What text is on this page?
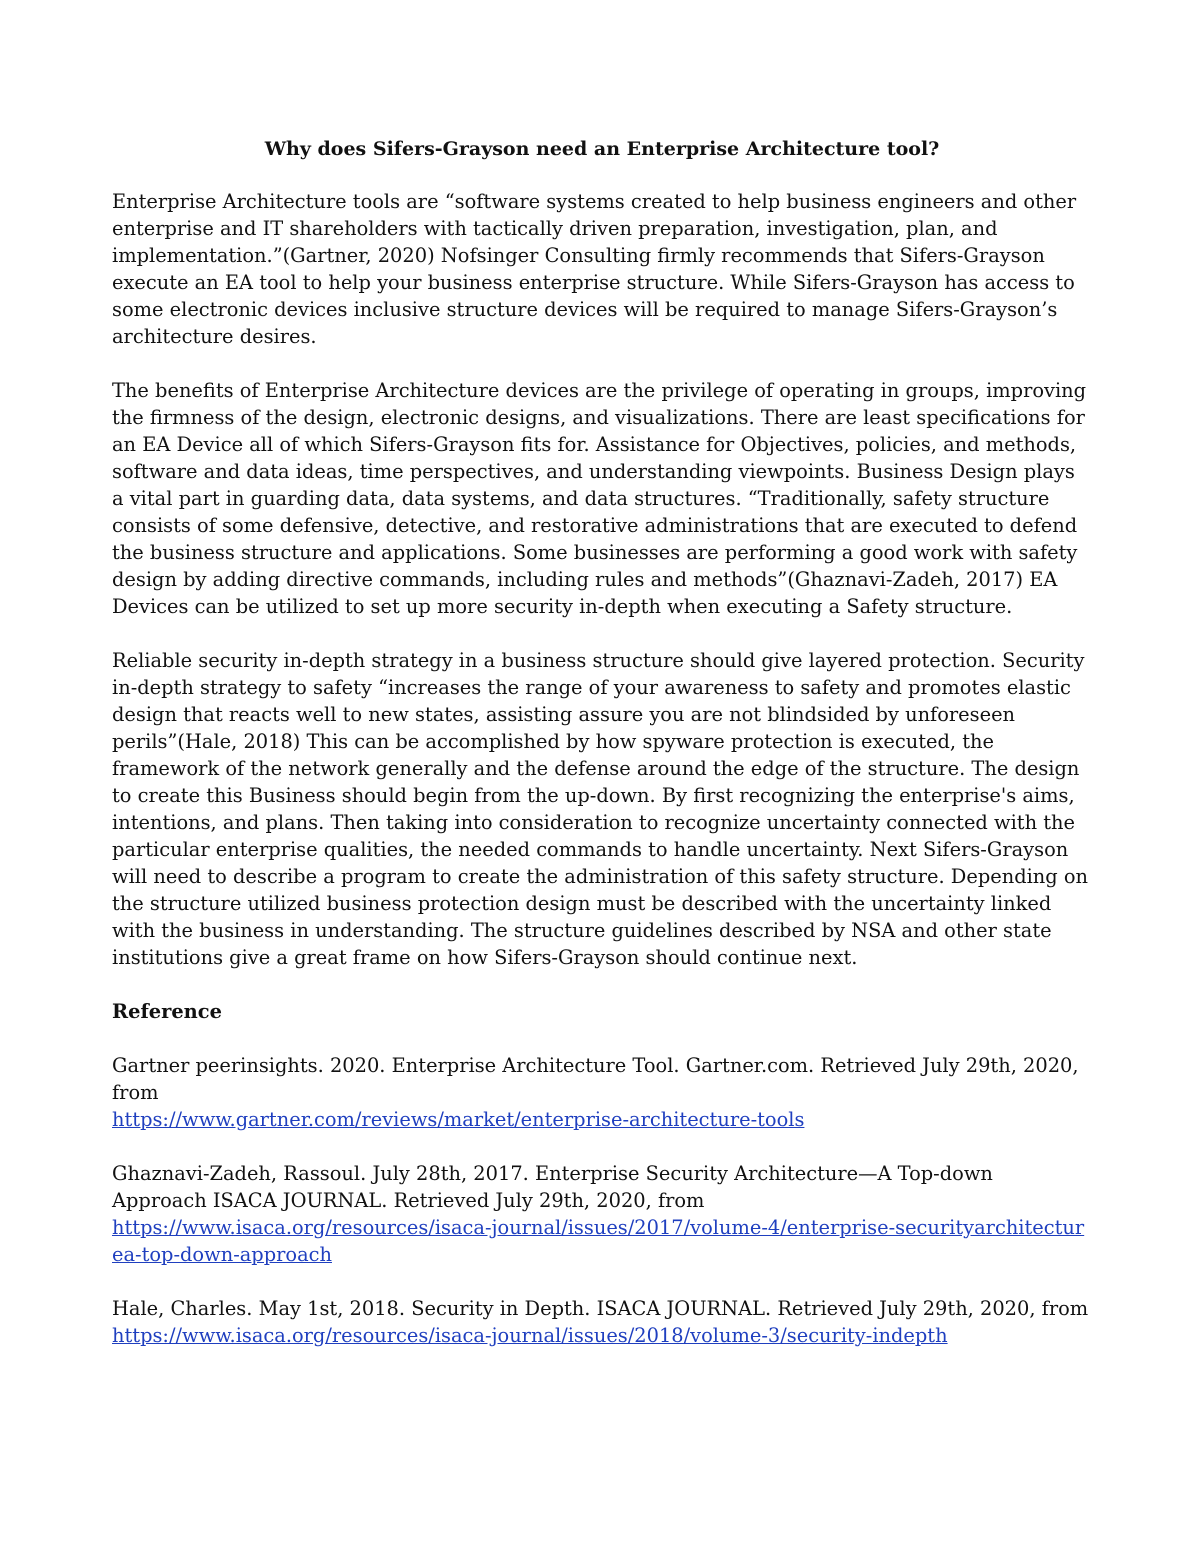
Why does Sifers-Grayson need an Enterprise Architecture tool?

Enterprise Architecture tools are “software systems created to help business engineers and other enterprise and IT shareholders with tactically driven preparation, investigation, plan, and implementation.”(Gartner, 2020) Nofsinger Consulting firmly recommends that Sifers-Grayson execute an EA tool to help your business enterprise structure. While Sifers-Grayson has access to some electronic devices inclusive structure devices will be required to manage Sifers-Grayson’s architecture desires.

The benefits of Enterprise Architecture devices are the privilege of operating in groups, improving the firmness of the design, electronic designs, and visualizations. There are least specifications for an EA Device all of which Sifers-Grayson fits for. Assistance for Objectives, policies, and methods, software and data ideas, time perspectives, and understanding viewpoints. Business Design plays a vital part in guarding data, data systems, and data structures. “Traditionally, safety structure consists of some defensive, detective, and restorative administrations that are executed to defend the business structure and applications. Some businesses are performing a good work with safety design by adding directive commands, including rules and methods”(Ghaznavi-Zadeh, 2017) EA Devices can be utilized to set up more security in-depth when executing a Safety structure.

Reliable security in-depth strategy in a business structure should give layered protection. Security in-depth strategy to safety “increases the range of your awareness to safety and promotes elastic design that reacts well to new states, assisting assure you are not blindsided by unforeseen perils”(Hale, 2018) This can be accomplished by how spyware protection is executed, the framework of the network generally and the defense around the edge of the structure. The design to create this Business should begin from the up-down. By first recognizing the enterprise's aims, intentions, and plans. Then taking into consideration to recognize uncertainty connected with the particular enterprise qualities, the needed commands to handle uncertainty. Next Sifers-Grayson will need to describe a program to create the administration of this safety structure. Depending on the structure utilized business protection design must be described with the uncertainty linked with the business in understanding. The structure guidelines described by NSA and other state institutions give a great frame on how Sifers-Grayson should continue next.

Reference
Gartner peerinsights. 2020. Enterprise Architecture Tool. Gartner.com. Retrieved July 29th, 2020, from
https://www.gartner.com/reviews/market/enterprise-architecture-tools
Ghaznavi-Zadeh, Rassoul. July 28th, 2017. Enterprise Security Architecture—A Top-down Approach ISACA JOURNAL. Retrieved July 29th, 2020, from
https://www.isaca.org/resources/isaca-journal/issues/2017/volume-4/enterprise-securityarchitecturea-top-down-approach
Hale, Charles. May 1st, 2018. Security in Depth. ISACA JOURNAL. Retrieved July 29th, 2020, from
https://www.isaca.org/resources/isaca-journal/issues/2018/volume-3/security-indepth
